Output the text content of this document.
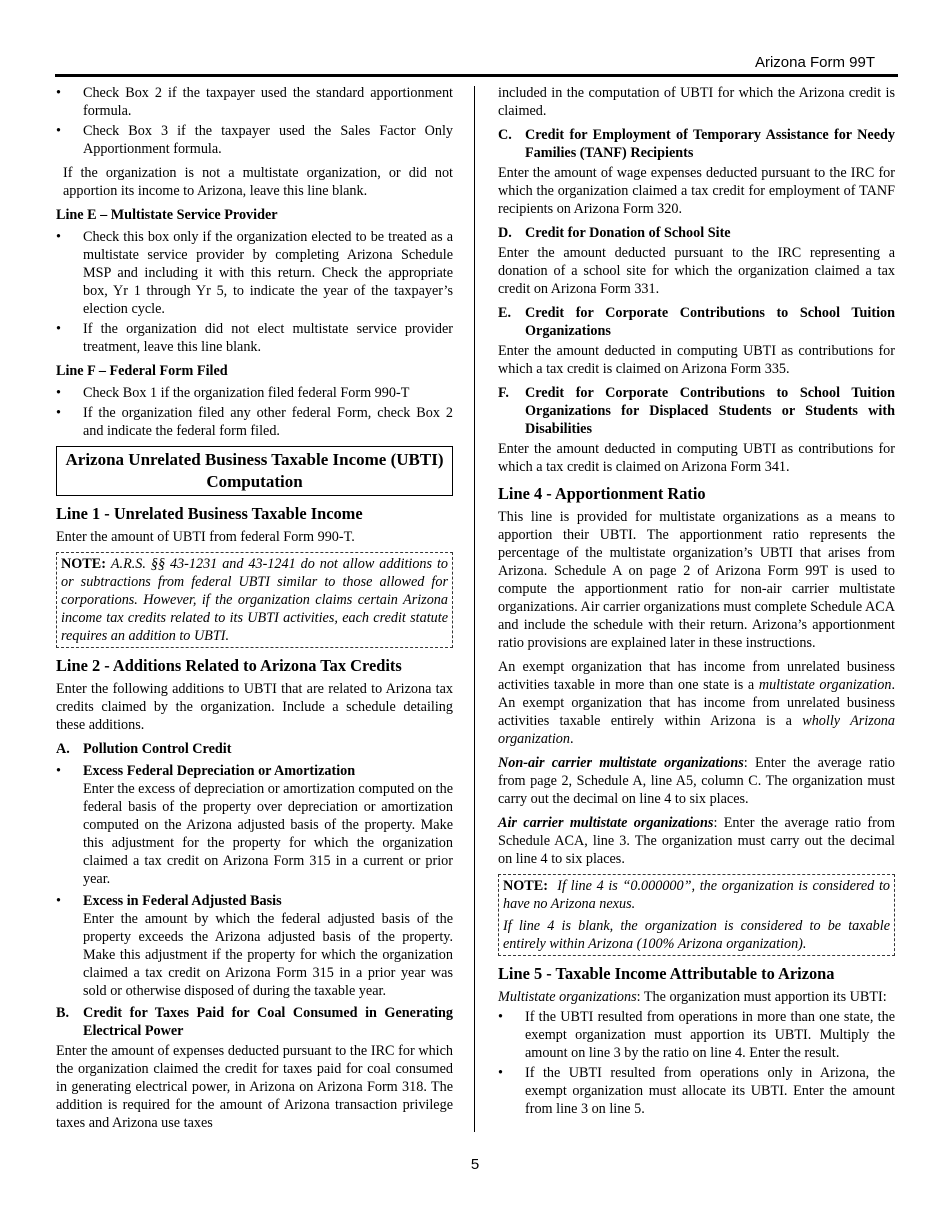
Arizona Form 99T
•	Check Box 2 if the taxpayer used the standard apportionment formula.
•	Check Box 3 if the taxpayer used the Sales Factor Only Apportionment formula.

If the organization is not a multistate organization, or did not apportion its income to Arizona, leave this line blank.

Line E – Multistate Service Provider
•	Check this box only if the organization elected to be treated as a multistate service provider by completing Arizona Schedule MSP and including it with this return. Check the appropriate box, Yr 1 through Yr 5, to indicate the year of the taxpayer’s election cycle.
•	If the organization did not elect multistate service provider treatment, leave this line blank.
Line F – Federal Form Filed
•	Check Box 1 if the organization filed federal Form 990-T
•	If the organization filed any other federal Form, check Box 2 and indicate the federal form filed.
Arizona Unrelated Business Taxable Income (UBTI) Computation
Line 1 - Unrelated Business Taxable Income

Enter the amount of UBTI from federal Form 990-T.

NOTE: A.R.S. §§ 43-1231 and 43-1241 do not allow additions to or subtractions from federal UBTI similar to those allowed for corporations. However, if the organization claims certain Arizona income tax credits related to its UBTI activities, each credit statute requires an addition to UBTI.

Line 2 - Additions Related to Arizona Tax Credits

Enter the following additions to UBTI that are related to Arizona tax credits claimed by the organization. Include a schedule detailing these additions.

A. Pollution Control Credit
•	Excess Federal Depreciation or Amortization
Enter the excess of depreciation or amortization computed on the federal basis of the property over depreciation or amortization computed on the Arizona adjusted basis of the property. Make this adjustment for the property for which the organization claimed a tax credit on Arizona Form 315 in a current or prior year.
•	Excess in Federal Adjusted Basis
Enter the amount by which the federal adjusted basis of the property exceeds the Arizona adjusted basis of the property. Make this adjustment if the property for which the organization claimed a tax credit on Arizona Form 315 in a prior year was sold or otherwise disposed of during the taxable year.
B. Credit for Taxes Paid for Coal Consumed in Generating Electrical Power

Enter the amount of expenses deducted pursuant to the IRC for which the organization claimed the credit for taxes paid for coal consumed in generating electrical power, in Arizona on Arizona Form 318. The addition is required for the amount of Arizona transaction privilege taxes and Arizona use taxes

included in the computation of UBTI for which the Arizona credit is claimed.

C. Credit for Employment of Temporary Assistance for Needy Families (TANF) Recipients

Enter the amount of wage expenses deducted pursuant to the IRC for which the organization claimed a tax credit for employment of TANF recipients on Arizona Form 320.

D. Credit for Donation of School Site

Enter the amount deducted pursuant to the IRC representing a donation of a school site for which the organization claimed a tax credit on Arizona Form 331.

E. Credit for Corporate Contributions to School Tuition Organizations

Enter the amount deducted in computing UBTI as contributions for which a tax credit is claimed on Arizona Form 335.

F.	Credit for Corporate Contributions to School Tuition Organizations for Displaced Students or Students with Disabilities

Enter the amount deducted in computing UBTI as contributions for which a tax credit is claimed on Arizona Form 341.

Line 4 - Apportionment Ratio

This line is provided for multistate organizations as a means to apportion their UBTI. The apportionment ratio represents the percentage of the multistate organization’s UBTI that arises from Arizona. Schedule A on page 2 of Arizona Form 99T is used to compute the apportionment ratio for non-air carrier multistate organizations. Air carrier organizations must complete Schedule ACA and include the schedule with their return. Arizona’s apportionment ratio provisions are explained later in these instructions.

An exempt organization that has income from unrelated business activities taxable in more than one state is a multistate organization. An exempt organization that has income from unrelated business activities taxable entirely within Arizona is a wholly Arizona organization.

Non-air carrier multistate organizations: Enter the average ratio from page 2, Schedule A, line A5, column C. The organization must carry out the decimal on line 4 to six places.

Air carrier multistate organizations: Enter the average ratio from Schedule ACA, line 3. The organization must carry out the decimal on line 4 to six places.

NOTE: If line 4 is “0.000000”, the organization is considered to have no Arizona nexus.

If line 4 is blank, the organization is considered to be taxable entirely within Arizona (100% Arizona organization).

Line 5 - Taxable Income Attributable to Arizona

Multistate organizations: The organization must apportion its UBTI:

•	If the UBTI resulted from operations in more than one state, the exempt organization must apportion its UBTI. Multiply the amount on line 3 by the ratio on line 4. Enter the result.
•	If the UBTI resulted from operations only in Arizona, the exempt organization must allocate its UBTI. Enter the amount from line 3 on line 5.
5
